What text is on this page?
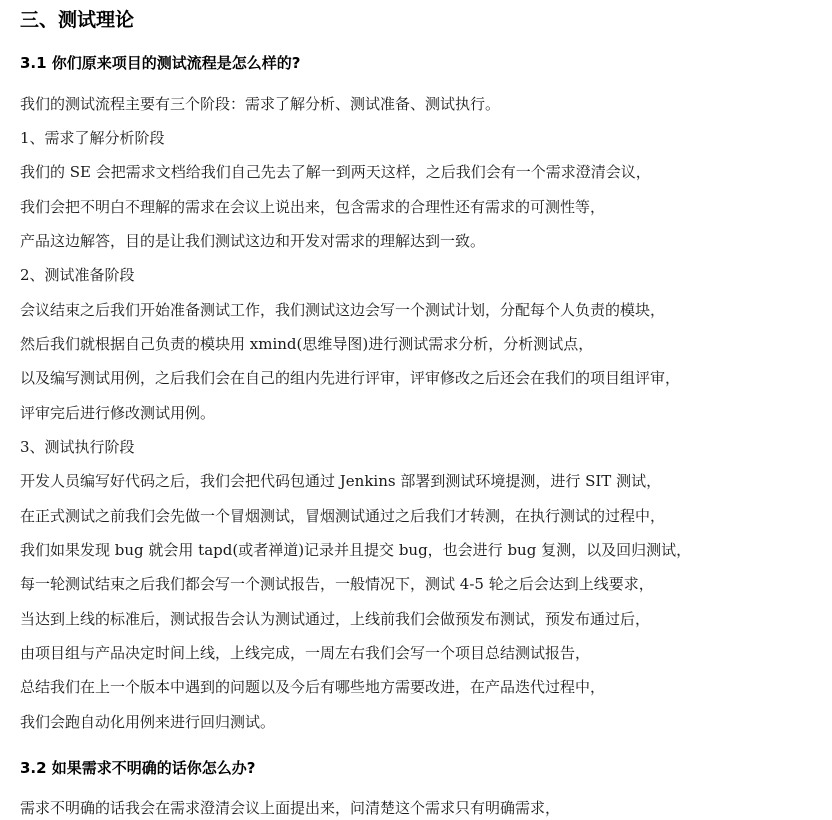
三、测试理论
3.1 你们原来项目的测试流程是怎么样的?
我们的测试流程主要有三个阶段：需求了解分析、测试准备、测试执行。
1、需求了解分析阶段
我们的 SE 会把需求文档给我们自己先去了解一到两天这样，之后我们会有一个需求澄清会议，
我们会把不明白不理解的需求在会议上说出来，包含需求的合理性还有需求的可测性等，
产品这边解答，目的是让我们测试这边和开发对需求的理解达到一致。
2、测试准备阶段
会议结束之后我们开始准备测试工作，我们测试这边会写一个测试计划，分配每个人负责的模块，
然后我们就根据自己负责的模块用 xmind(思维导图)进行测试需求分析，分析测试点，
以及编写测试用例，之后我们会在自己的组内先进行评审，评审修改之后还会在我们的项目组评审，
评审完后进行修改测试用例。
3、测试执行阶段
开发人员编写好代码之后，我们会把代码包通过 Jenkins 部署到测试环境提测，进行 SIT 测试，
在正式测试之前我们会先做一个冒烟测试，冒烟测试通过之后我们才转测，在执行测试的过程中，
我们如果发现 bug 就会用 tapd(或者禅道)记录并且提交 bug，也会进行 bug 复测，以及回归测试，
每一轮测试结束之后我们都会写一个测试报告，一般情况下，测试 4-5 轮之后会达到上线要求，
当达到上线的标准后，测试报告会认为测试通过，上线前我们会做预发布测试，预发布通过后，
由项目组与产品决定时间上线，上线完成，一周左右我们会写一个项目总结测试报告，
总结我们在上一个版本中遇到的问题以及今后有哪些地方需要改进，在产品迭代过程中，
我们会跑自动化用例来进行回归测试。
3.2 如果需求不明确的话你怎么办?
需求不明确的话我会在需求澄清会议上面提出来，问清楚这个需求只有明确需求，
